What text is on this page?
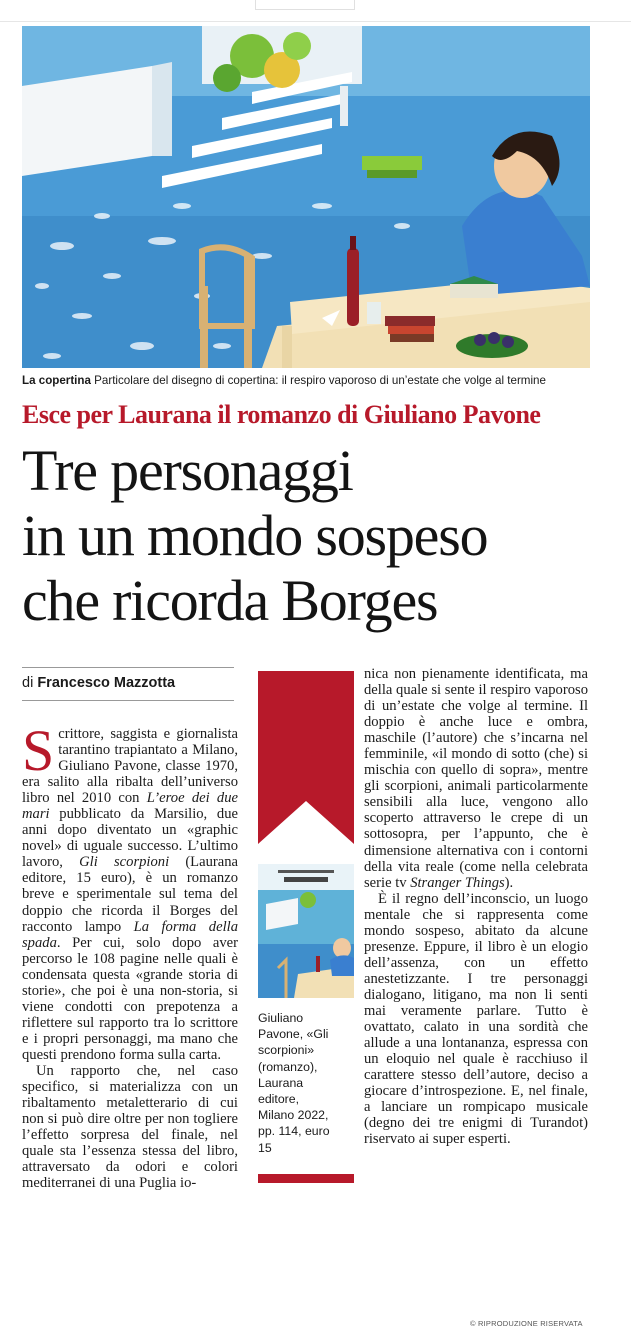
La copertina Particolare del disegno di copertina: il respiro vaporoso di un’estate che volge al termine
Esce per Laurana il romanzo di Giuliano Pavone
Tre personaggi
in un mondo sospeso
che ricorda Borges
di Francesco Mazzotta

Scrittore, saggista e giornalista tarantino trapiantato a Milano, Giuliano Pavone, classe 1970, era salito alla ribalta dell’universo libro nel 2010 con L’eroe dei due mari pubblicato da Marsilio, due anni dopo diventato un «graphic novel» di uguale successo. L’ultimo lavoro, Gli scorpioni (Laurana editore, 15 euro), è un romanzo breve e sperimentale sul tema del doppio che ricorda il Borges del racconto lampo La forma della spada. Per cui, solo dopo aver percorso le 108 pagine nelle quali è condensata questa «grande storia di storie», che poi è una non-storia, si viene condotti con prepotenza a riflettere sul rapporto tra lo scrittore e i propri personaggi, ma mano che questi prendono forma sulla carta.

Un rapporto che, nel caso specifico, si materializza con un ribaltamento metaletterario di cui non si può dire oltre per non togliere l’effetto sorpresa del finale, nel quale sta l’essenza stessa del libro, attraversato da odori e colori mediterranei di una Puglia io-

Giuliano
Pavone, «Gli
scorpioni»
(romanzo),
Laurana
editore,
Milano 2022,
pp. 114, euro
15

nica non pienamente identificata, ma della quale si sente il respiro vaporoso di un’estate che volge al termine. Il doppio è anche luce e ombra, maschile (l’autore) che s’incarna nel femminile, «il mondo di sotto (che) si mischia con quello di sopra», mentre gli scorpioni, animali particolarmente sensibili alla luce, vengono allo scoperto attraverso le crepe di un sottosopra, per l’appunto, che è dimensione alternativa con i contorni della vita reale (come nella celebrata serie tv Stranger Things).

È il regno dell’inconscio, un luogo mentale che si rappresenta come mondo sospeso, abitato da alcune presenze. Eppure, il libro è un elogio dell’assenza, con un effetto anestetizzante. I tre personaggi dialogano, litigano, ma non li senti mai veramente parlare. Tutto è ovattato, calato in una sordità che allude a una lontananza, espressa con un eloquio nel quale è racchiuso il carattere stesso dell’autore, deciso a giocare d’introspezione. E, nel finale, a lanciare un rompicapo musicale (degno dei tre enigmi di Turandot) riservato ai super esperti.

© RIPRODUZIONE RISERVATA
